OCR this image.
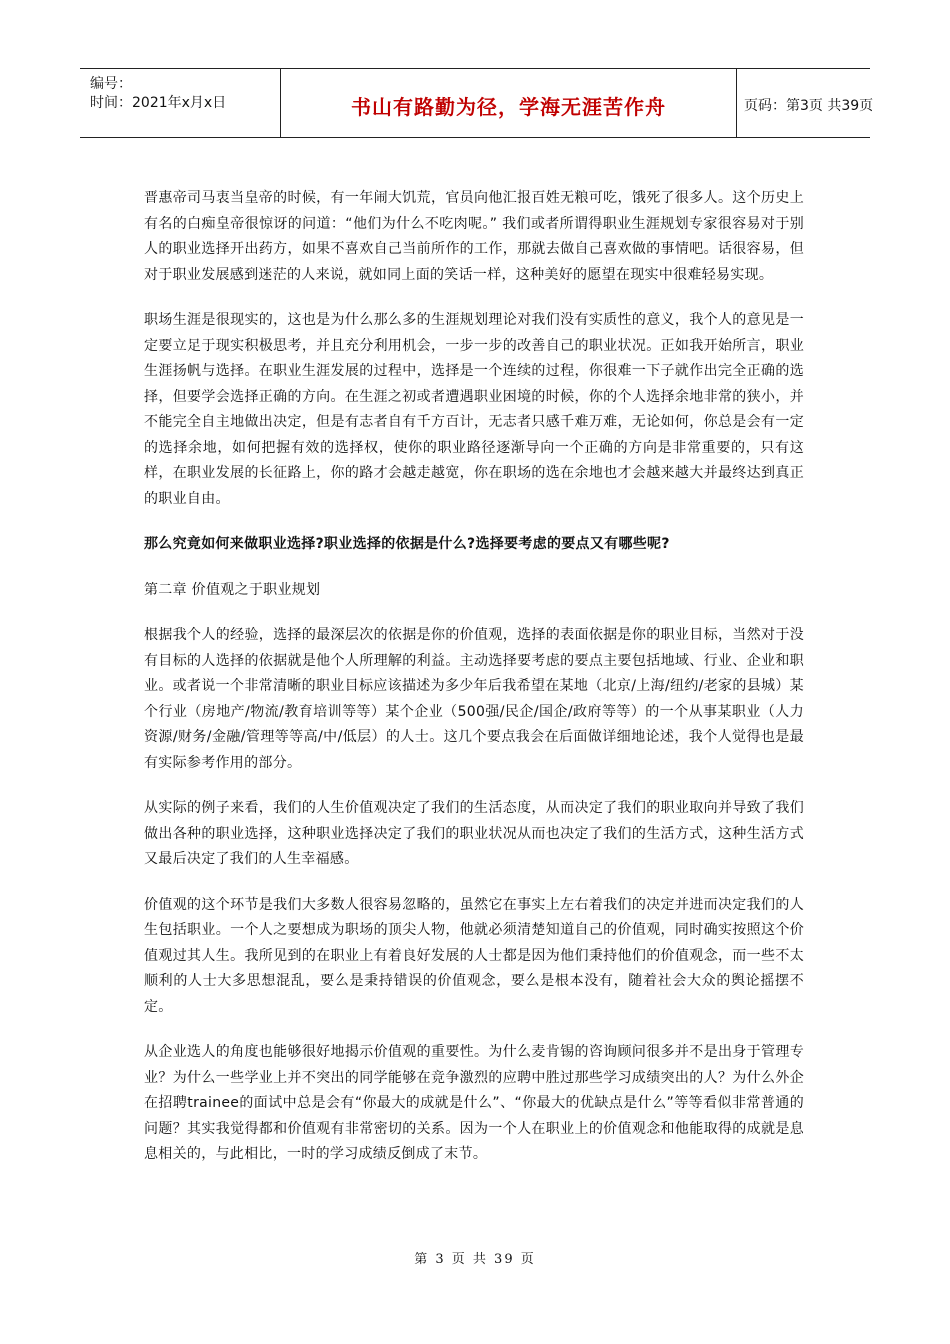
编号：
时间：2021年x月x日	书山有路勤为径，学海无涯苦作舟	页码：第3页 共39页

晋惠帝司马衷当皇帝的时候，有一年闹大饥荒，官员向他汇报百姓无粮可吃，饿死了很多人。这个历史上有名的白痴皇帝很惊讶的问道：“他们为什么不吃肉呢。” 我们或者所谓得职业生涯规划专家很容易对于别人的职业选择开出药方，如果不喜欢自己当前所作的工作，那就去做自己喜欢做的事情吧。话很容易，但对于职业发展感到迷茫的人来说，就如同上面的笑话一样，这种美好的愿望在现实中很难轻易实现。

职场生涯是很现实的，这也是为什么那么多的生涯规划理论对我们没有实质性的意义，我个人的意见是一定要立足于现实积极思考，并且充分利用机会，一步一步的改善自己的职业状况。正如我开始所言，职业生涯扬帆与选择。在职业生涯发展的过程中，选择是一个连续的过程，你很难一下子就作出完全正确的选择，但要学会选择正确的方向。在生涯之初或者遭遇职业困境的时候，你的个人选择余地非常的狭小，并不能完全自主地做出决定，但是有志者自有千方百计，无志者只感千难万难，无论如何，你总是会有一定的选择余地，如何把握有效的选择权，使你的职业路径逐渐导向一个正确的方向是非常重要的，只有这样，在职业发展的长征路上，你的路才会越走越宽，你在职场的选在余地也才会越来越大并最终达到真正的职业自由。

那么究竟如何来做职业选择?职业选择的依据是什么?选择要考虑的要点又有哪些呢?

第二章 价值观之于职业规划

根据我个人的经验，选择的最深层次的依据是你的价值观，选择的表面依据是你的职业目标，当然对于没有目标的人选择的依据就是他个人所理解的利益。主动选择要考虑的要点主要包括地域、行业、企业和职业。或者说一个非常清晰的职业目标应该描述为多少年后我希望在某地（北京/上海/纽约/老家的县城）某个行业（房地产/物流/教育培训等等）某个企业（500强/民企/国企/政府等等）的一个从事某职业（人力资源/财务/金融/管理等等高/中/低层）的人士。这几个要点我会在后面做详细地论述，我个人觉得也是最有实际参考作用的部分。

从实际的例子来看，我们的人生价值观决定了我们的生活态度，从而决定了我们的职业取向并导致了我们做出各种的职业选择，这种职业选择决定了我们的职业状况从而也决定了我们的生活方式，这种生活方式又最后决定了我们的人生幸福感。

价值观的这个环节是我们大多数人很容易忽略的，虽然它在事实上左右着我们的决定并进而决定我们的人生包括职业。一个人之要想成为职场的顶尖人物，他就必须清楚知道自己的价值观，同时确实按照这个价值观过其人生。我所见到的在职业上有着良好发展的人士都是因为他们秉持他们的价值观念，而一些不太顺利的人士大多思想混乱，要么是秉持错误的价值观念，要么是根本没有，随着社会大众的舆论摇摆不定。

从企业选人的角度也能够很好地揭示价值观的重要性。为什么麦肯锡的咨询顾问很多并不是出身于管理专业？为什么一些学业上并不突出的同学能够在竞争激烈的应聘中胜过那些学习成绩突出的人？为什么外企在招聘trainee的面试中总是会有“你最大的成就是什么”、“你最大的优缺点是什么”等等看似非常普通的问题？其实我觉得都和价值观有非常密切的关系。因为一个人在职业上的价值观念和他能取得的成就是息息相关的，与此相比，一时的学习成绩反倒成了末节。

第 3 页 共 39 页
